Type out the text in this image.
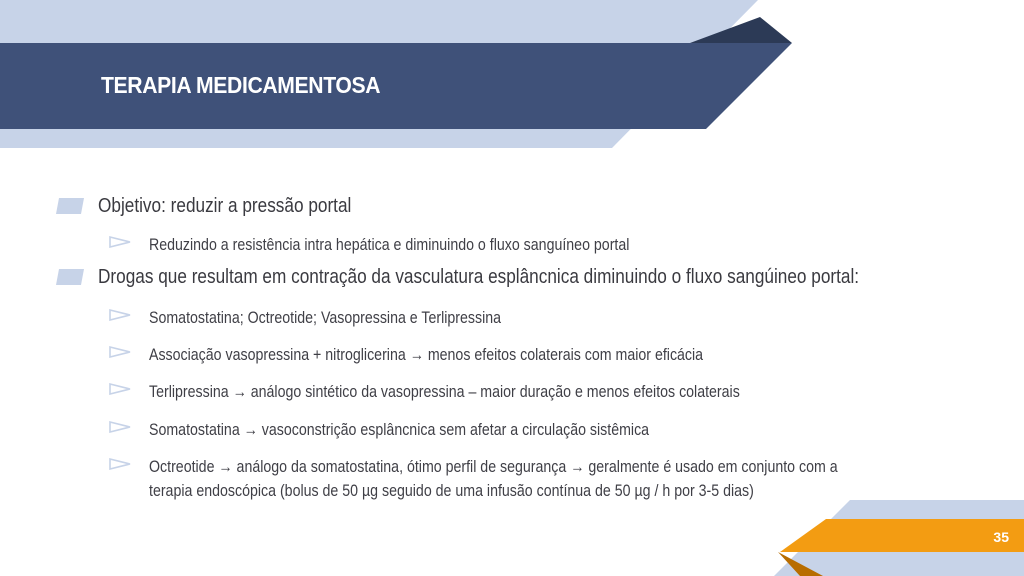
TERAPIA MEDICAMENTOSA

Objetivo: reduzir a pressão portal

Reduzindo a resistência intra hepática e diminuindo o fluxo sanguíneo portal

Drogas que resultam em contração da vasculatura esplâncnica diminuindo o fluxo sangúineo portal:

Somatostatina; Octreotide; Vasopressina e Terlipressina

Associação vasopressina + nitroglicerina → menos efeitos colaterais com maior eficácia

Terlipressina → análogo sintético da vasopressina – maior duração e menos efeitos colaterais

Somatostatina → vasoconstrição esplâncnica sem afetar a circulação sistêmica

Octreotide → análogo da somatostatina, ótimo perfil de segurança → geralmente é usado em conjunto com a

terapia endoscópica (bolus de 50 µg seguido de uma infusão contínua de 50 µg / h por 3-5 dias)

35
